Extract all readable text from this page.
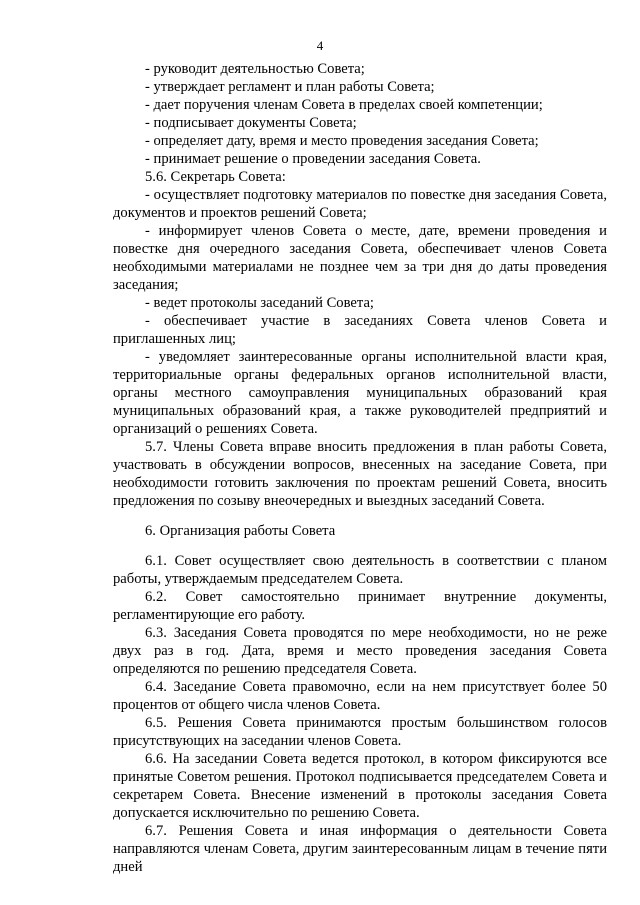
4

- руководит деятельностью Совета;

- утверждает регламент и план работы Совета;

- дает поручения членам Совета в пределах своей компетенции;

- подписывает документы Совета;

- определяет дату, время и место проведения заседания Совета;

- принимает решение о проведении заседания Совета.

5.6. Секретарь Совета:

- осуществляет подготовку материалов по повестке дня заседания Совета, документов и проектов решений Совета;

- информирует членов Совета о месте, дате, времени проведения и повестке дня очередного заседания Совета, обеспечивает членов Совета необходимыми материалами не позднее чем за три дня до даты проведения заседания;

- ведет протоколы заседаний Совета;

- обеспечивает участие в заседаниях Совета членов Совета и приглашенных лиц;

- уведомляет заинтересованные органы исполнительной власти края, территориальные органы федеральных органов исполнительной власти, органы местного самоуправления муниципальных образований края муниципальных образований края, а также руководителей предприятий и организаций о решениях Совета.

5.7. Члены Совета вправе вносить предложения в план работы Совета, участвовать в обсуждении вопросов, внесенных на заседание Совета, при необходимости готовить заключения по проектам решений Совета, вносить предложения по созыву внеочередных и выездных заседаний Совета.

6. Организация работы Совета

6.1. Совет осуществляет свою деятельность в соответствии с планом работы, утверждаемым председателем Совета.

6.2. Совет самостоятельно принимает внутренние документы, регламентирующие его работу.

6.3. Заседания Совета проводятся по мере необходимости, но не реже двух раз в год. Дата, время и место проведения заседания Совета определяются по решению председателя Совета.

6.4. Заседание Совета правомочно, если на нем присутствует более 50 процентов от общего числа членов Совета.

6.5. Решения Совета принимаются простым большинством голосов присутствующих на заседании членов Совета.

6.6. На заседании Совета ведется протокол, в котором фиксируются все принятые Советом решения. Протокол подписывается председателем Совета и секретарем Совета. Внесение изменений в протоколы заседания Совета допускается исключительно по решению Совета.

6.7. Решения Совета и иная информация о деятельности Совета направляются членам Совета, другим заинтересованным лицам в течение пяти дней
